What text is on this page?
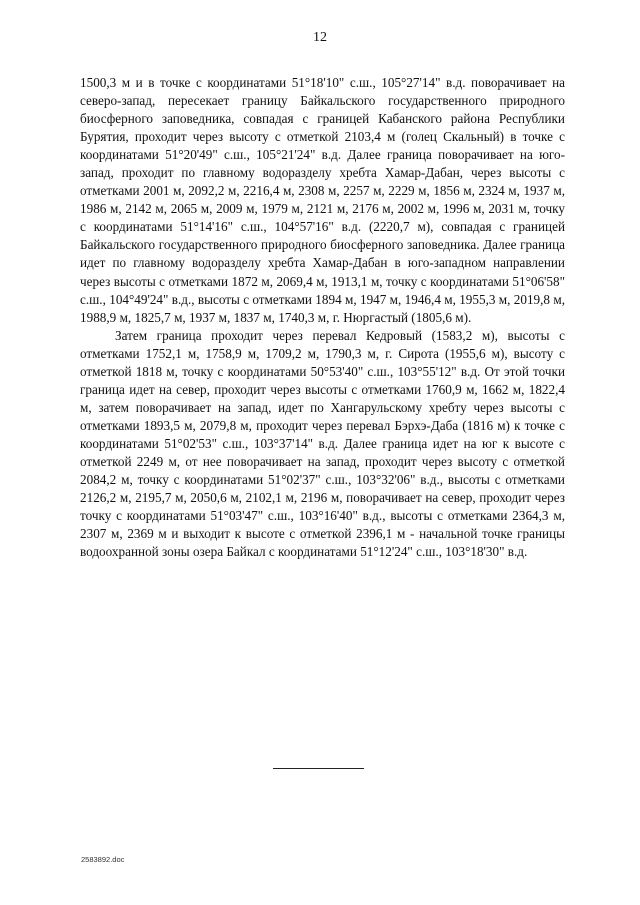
12

1500,3 м и в точке с координатами 51°18'10" с.ш., 105°27'14" в.д. поворачивает на северо-запад, пересекает границу Байкальского государственного природного биосферного заповедника, совпадая с границей Кабанского района Республики Бурятия, проходит через высоту с отметкой 2103,4 м (голец Скальный) в точке с координатами 51°20'49" с.ш., 105°21'24" в.д. Далее граница поворачивает на юго-запад, проходит по главному водоразделу хребта Хамар-Дабан, через высоты с отметками 2001 м, 2092,2 м, 2216,4 м, 2308 м, 2257 м, 2229 м, 1856 м, 2324 м, 1937 м, 1986 м, 2142 м, 2065 м, 2009 м, 1979 м, 2121 м, 2176 м, 2002 м, 1996 м, 2031 м, точку с координатами 51°14'16" с.ш., 104°57'16" в.д. (2220,7 м), совпадая с границей Байкальского государственного природного биосферного заповедника. Далее граница идет по главному водоразделу хребта Хамар-Дабан в юго-западном направлении через высоты с отметками 1872 м, 2069,4 м, 1913,1 м, точку с координатами 51°06'58" с.ш., 104°49'24" в.д., высоты с отметками 1894 м, 1947 м, 1946,4 м, 1955,3 м, 2019,8 м, 1988,9 м, 1825,7 м, 1937 м, 1837 м, 1740,3 м, г. Нюргастый (1805,6 м).

Затем граница проходит через перевал Кедровый (1583,2 м), высоты с отметками 1752,1 м, 1758,9 м, 1709,2 м, 1790,3 м, г. Сирота (1955,6 м), высоту с отметкой 1818 м, точку с координатами 50°53'40" с.ш., 103°55'12" в.д. От этой точки граница идет на север, проходит через высоты с отметками 1760,9 м, 1662 м, 1822,4 м, затем поворачивает на запад, идет по Хангарульскому хребту через высоты с отметками 1893,5 м, 2079,8 м, проходит через перевал Бэрхэ-Даба (1816 м) к точке с координатами 51°02'53" с.ш., 103°37'14" в.д. Далее граница идет на юг к высоте с отметкой 2249 м, от нее поворачивает на запад, проходит через высоту с отметкой 2084,2 м, точку с координатами 51°02'37" с.ш., 103°32'06" в.д., высоты с отметками 2126,2 м, 2195,7 м, 2050,6 м, 2102,1 м, 2196 м, поворачивает на север, проходит через точку с координатами 51°03'47" с.ш., 103°16'40" в.д., высоты с отметками 2364,3 м, 2307 м, 2369 м и выходит к высоте с отметкой 2396,1 м - начальной точке границы водоохранной зоны озера Байкал с координатами 51°12'24" с.ш., 103°18'30" в.д.

2583892.doc
